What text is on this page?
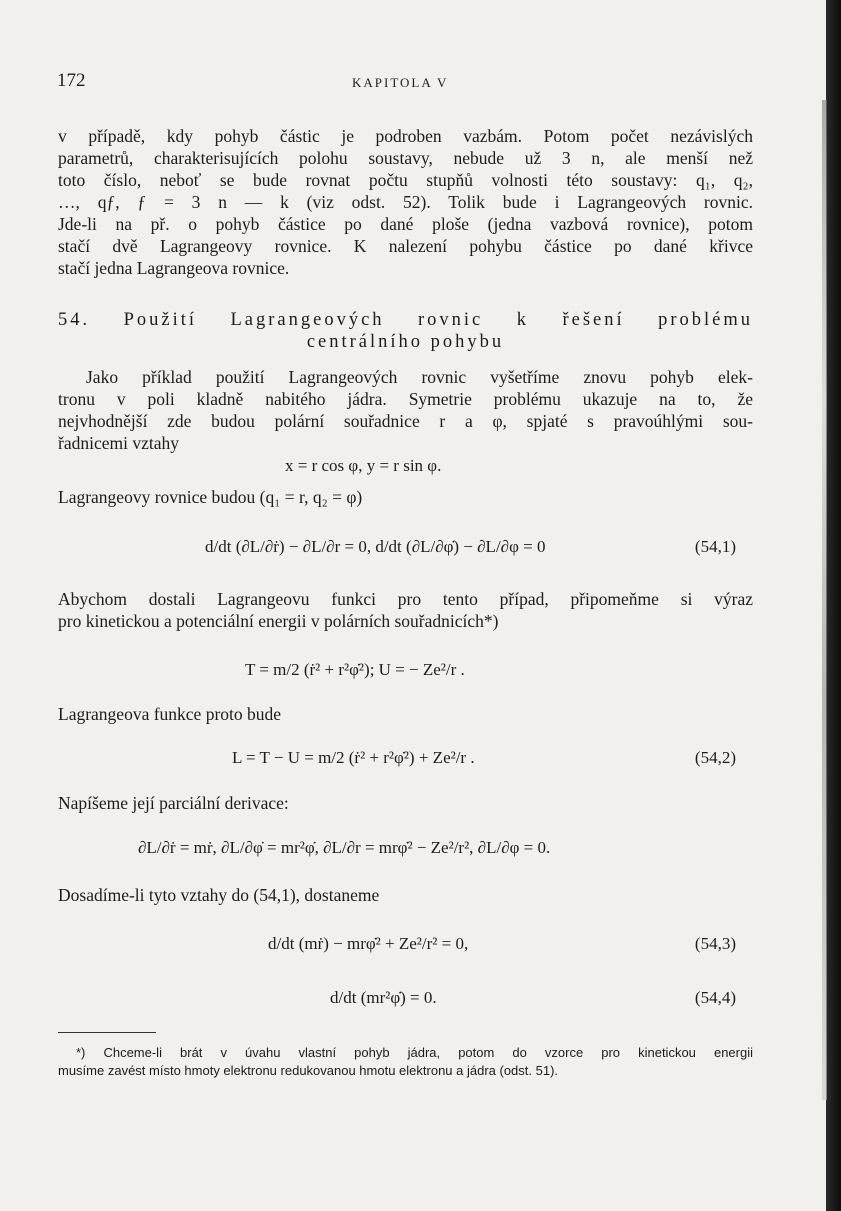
172	KAPITOLA V
v případě, kdy pohyb částic je podroben vazbám. Potom počet nezávislých
parametrů, charakterisujících polohu soustavy, nebude už 3 n, ale menší než
toto číslo, neboť se bude rovnat počtu stupňů volnosti této soustavy: q₁, q₂,
…, qƒ, ƒ = 3 n — k (viz odst. 52). Tolik bude i Lagrangeových rovnic.
Jde-li na př. o pohyb částice po dané ploše (jedna vazbová rovnice), potom
stačí dvě Lagrangeovy rovnice. K nalezení pohybu částice po dané křivce
stačí jedna Lagrangeova rovnice.
54. Použití Lagrangeových rovnic k řešení problému
centrálního pohybu
Jako příklad použití Lagrangeových rovnic vyšetříme znovu pohyb elek-
tronu v poli kladně nabitého jádra. Symetrie problému ukazuje na to, že
nejvhodnější zde budou polární souřadnice r a φ, spjaté s pravoúhlými sou-
řadnicemi vztahy
x = r cos φ, y = r sin φ.
Lagrangeovy rovnice budou (q₁ = r, q₂ = φ)
d/dt (∂L/∂ṙ) − ∂L/∂r = 0, d/dt (∂L/∂φ̇) − ∂L/∂φ = 0	(54,1)
Abychom dostali Lagrangeovu funkci pro tento případ, připomeňme si výraz
pro kinetickou a potenciální energii v polárních souřadnicích*)
T = m/2 (ṙ² + r²φ̇²); U = − Ze²/r .
Lagrangeova funkce proto bude
L = T − U = m/2 (ṙ² + r²φ̇²) + Ze²/r .	(54,2)
Napíšeme její parciální derivace:
∂L/∂ṙ = mṙ, ∂L/∂φ̇ = mr²φ̇, ∂L/∂r = mrφ̇² − Ze²/r², ∂L/∂φ = 0.
Dosadíme-li tyto vztahy do (54,1), dostaneme
d/dt (mṙ) − mrφ̇² + Ze²/r² = 0,	(54,3)
d/dt (mr²φ̇) = 0.	(54,4)
*) Chceme-li brát v úvahu vlastní pohyb jádra, potom do vzorce pro kinetickou energii
musíme zavést místo hmoty elektronu redukovanou hmotu elektronu a jádra (odst. 51).
